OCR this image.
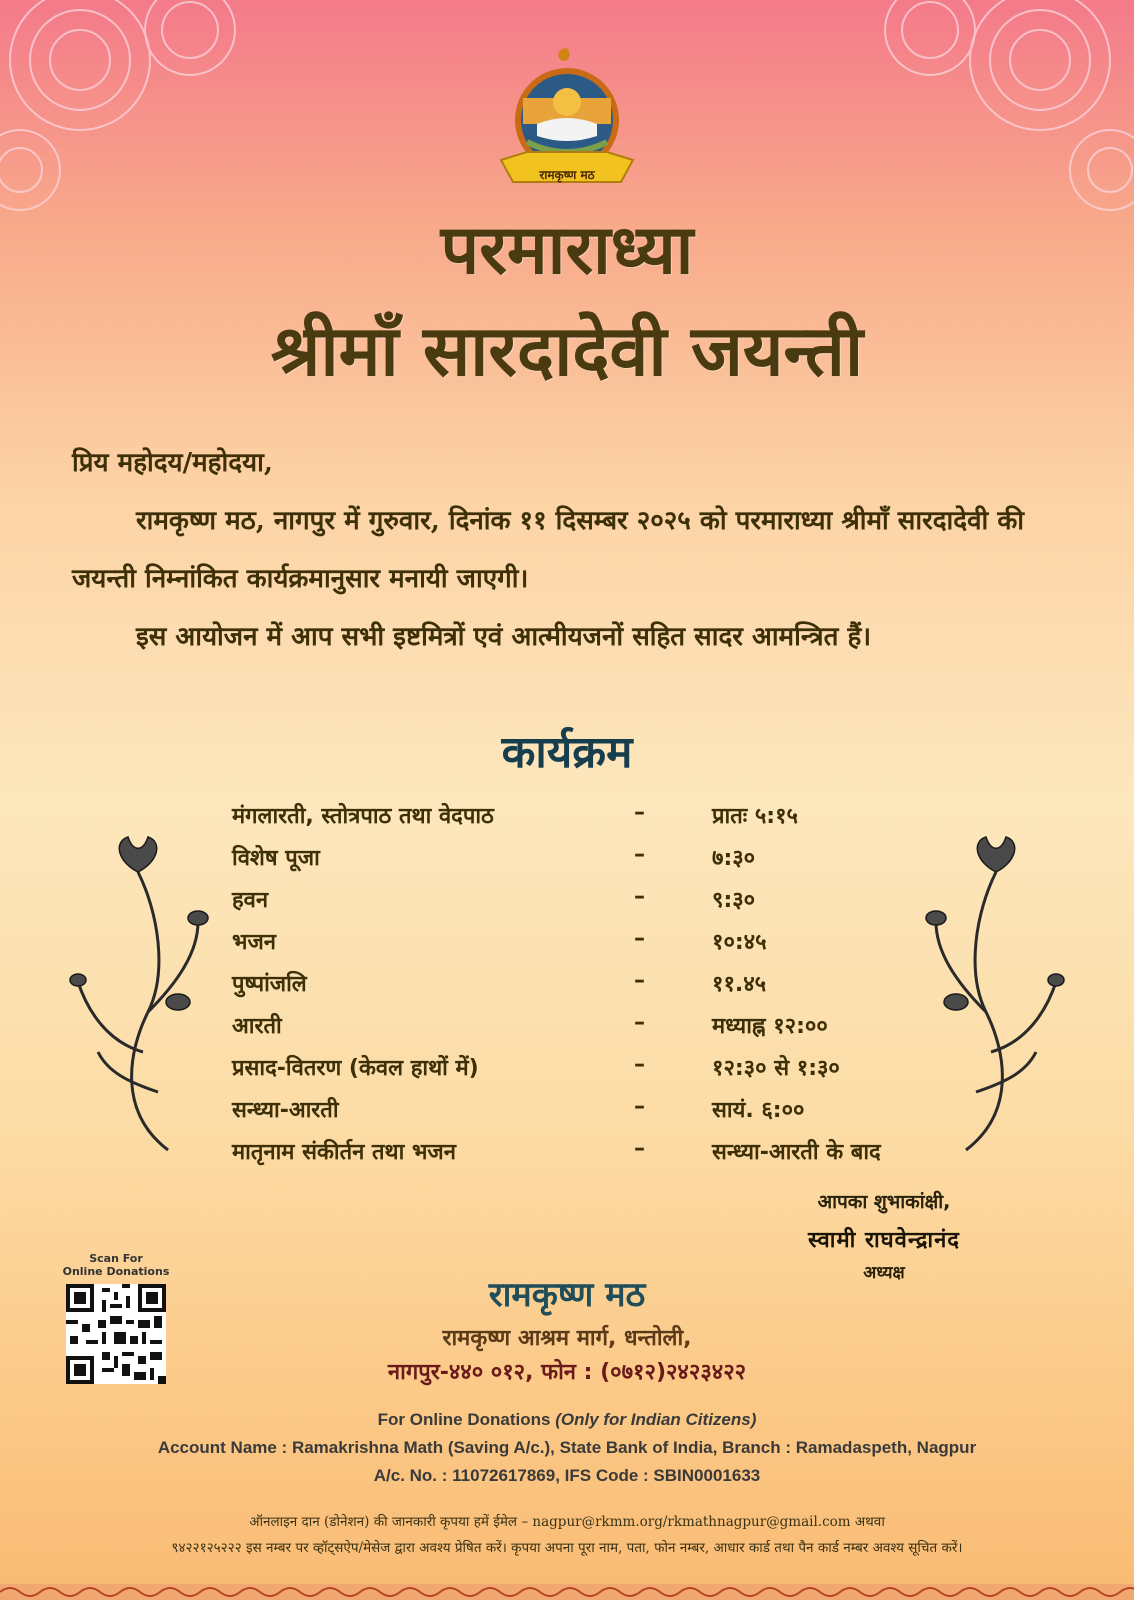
रामकृष्ण मठ
परमाराध्या
श्रीमाँ सारदादेवी जयन्ती
प्रिय महोदय/महोदया,
रामकृष्ण मठ, नागपुर में गुरुवार, दिनांक ११ दिसम्बर २०२५ को परमाराध्या श्रीमाँ सारदादेवी की जयन्ती निम्नांकित कार्यक्रमानुसार मनायी जाएगी।
इस आयोजन में आप सभी इष्टमित्रों एवं आत्मीयजनों सहित सादर आमन्त्रित हैं।
कार्यक्रम
मंगलारती, स्तोत्रपाठ तथा वेदपाठ	–	प्रातः ५:१५
विशेष पूजा	–	७:३०
हवन	–	९:३०
भजन	–	१०:४५
पुष्पांजलि	–	११.४५
आरती	–	मध्याह्न १२:००
प्रसाद-वितरण (केवल हाथों में)	–	१२:३० से १:३०
सन्ध्या-आरती	–	सायं. ६:००
मातृनाम संकीर्तन तथा भजन	–	सन्ध्या-आरती के बाद
आपका शुभाकांक्षी,
स्वामी राघवेन्द्रानंद
अध्यक्ष
Scan For
Online Donations
रामकृष्ण मठ
रामकृष्ण आश्रम मार्ग, धन्तोली,
नागपुर-४४० ०१२, फोन : (०७१२)२४२३४२२
For Online Donations (Only for Indian Citizens)
Account Name : Ramakrishna Math (Saving A/c.), State Bank of India, Branch : Ramadaspeth, Nagpur
A/c. No. : 11072617869, IFS Code : SBIN0001633
ऑनलाइन दान (डोनेशन) की जानकारी कृपया हमें ईमेल – nagpur@rkmm.org/rkmathnagpur@gmail.com अथवा
९४२२१२५२२२ इस नम्बर पर व्हॉट्सऐप/मेसेज द्वारा अवश्य प्रेषित करें। कृपया अपना पूरा नाम, पता, फोन नम्बर, आधार कार्ड तथा पैन कार्ड नम्बर अवश्य सूचित करें।
